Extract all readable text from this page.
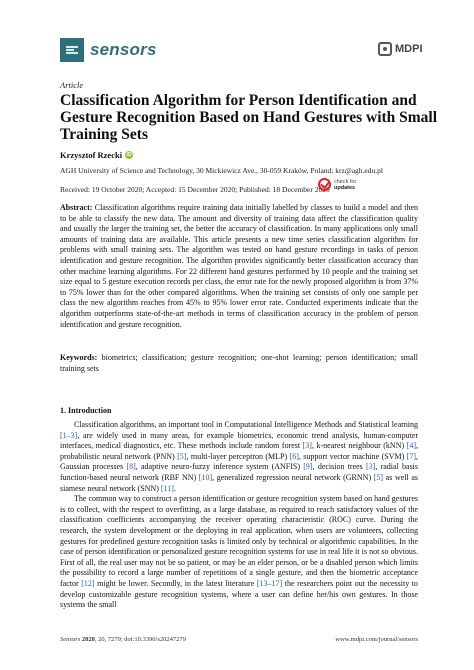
sensors	MDPI
Article
Classification Algorithm for Person Identification and Gesture Recognition Based on Hand Gestures with Small Training Sets
Krzysztof Rzecki iD
AGH University of Science and Technology, 30 Mickiewicz Ave., 30-059 Kraków, Poland; krz@agh.edu.pl
Received: 19 October 2020; Accepted: 15 December 2020; Published: 18 December 2020
check for
updates

Abstract: Classification algorithms require training data initially labelled by classes to build a model and then to be able to classify the new data. The amount and diversity of training data affect the classification quality and usually the larger the training set, the better the accuracy of classification. In many applications only small amounts of training data are available. This article presents a new time series classification algorithm for problems with small training sets. The algorithm was tested on hand gesture recordings in tasks of person identification and gesture recognition. The algorithm provides significantly better classification accuracy than other machine learning algorithms. For 22 different hand gestures performed by 10 people and the training set size equal to 5 gesture execution records per class, the error rate for the newly proposed algorithm is from 37% to 75% lower than for the other compared algorithms. When the training set consists of only one sample per class the new algorithm reaches from 45% to 95% lower error rate. Conducted experiments indicate that the algorithm outperforms state-of-the-art methods in terms of classification accuracy in the problem of person identification and gesture recognition.

Keywords: biometrics; classification; gesture recognition; one-shot learning; person identification; small training sets

1. Introduction

Classification algorithms, an important tool in Computational Intelligence Methods and Statistical learning [1–3], are widely used in many areas, for example biometrics, economic trend analysis, human-computer interfaces, medical diagnostics, etc. These methods include random forest [3], k-nearest neighbour (kNN) [4], probabilistic neural network (PNN) [5], multi-layer perceptron (MLP) [6], support vector machine (SVM) [7], Gaussian processes [8], adaptive neuro-fuzzy inference system (ANFIS) [9], decision trees [3], radial basis function-based neural network (RBF NN) [10], generalized regression neural network (GRNN) [5] as well as siamese neural network (SNN) [11].

The common way to construct a person identification or gesture recognition system based on hand gestures is to collect, with the respect to overfitting, as a large database, as required to reach satisfactory values of the classification coefficients accompanying the receiver operating characteristic (ROC) curve. During the research, the system development or the deploying in real application, when users are volunteers, collecting gestures for predefined gesture recognition tasks is limited only by technical or algorithmic capabilities. In the case of person identification or personalized gesture recognition systems for use in real life it is not so obvious. First of all, the real user may not be so patient, or may be an elder person, or be a disabled person which limits the possibility to record a large number of repetitions of a single gesture, and then the biometric acceptance factor [12] might be lower. Secondly, in the latest literature [13–17] the researchers point out the necessity to develop customizable gesture recognition systems, where a user can define her/his own gestures. In those systems the small

Sensors 2020, 20, 7279; doi:10.3390/s20247279	www.mdpi.com/journal/sensors
